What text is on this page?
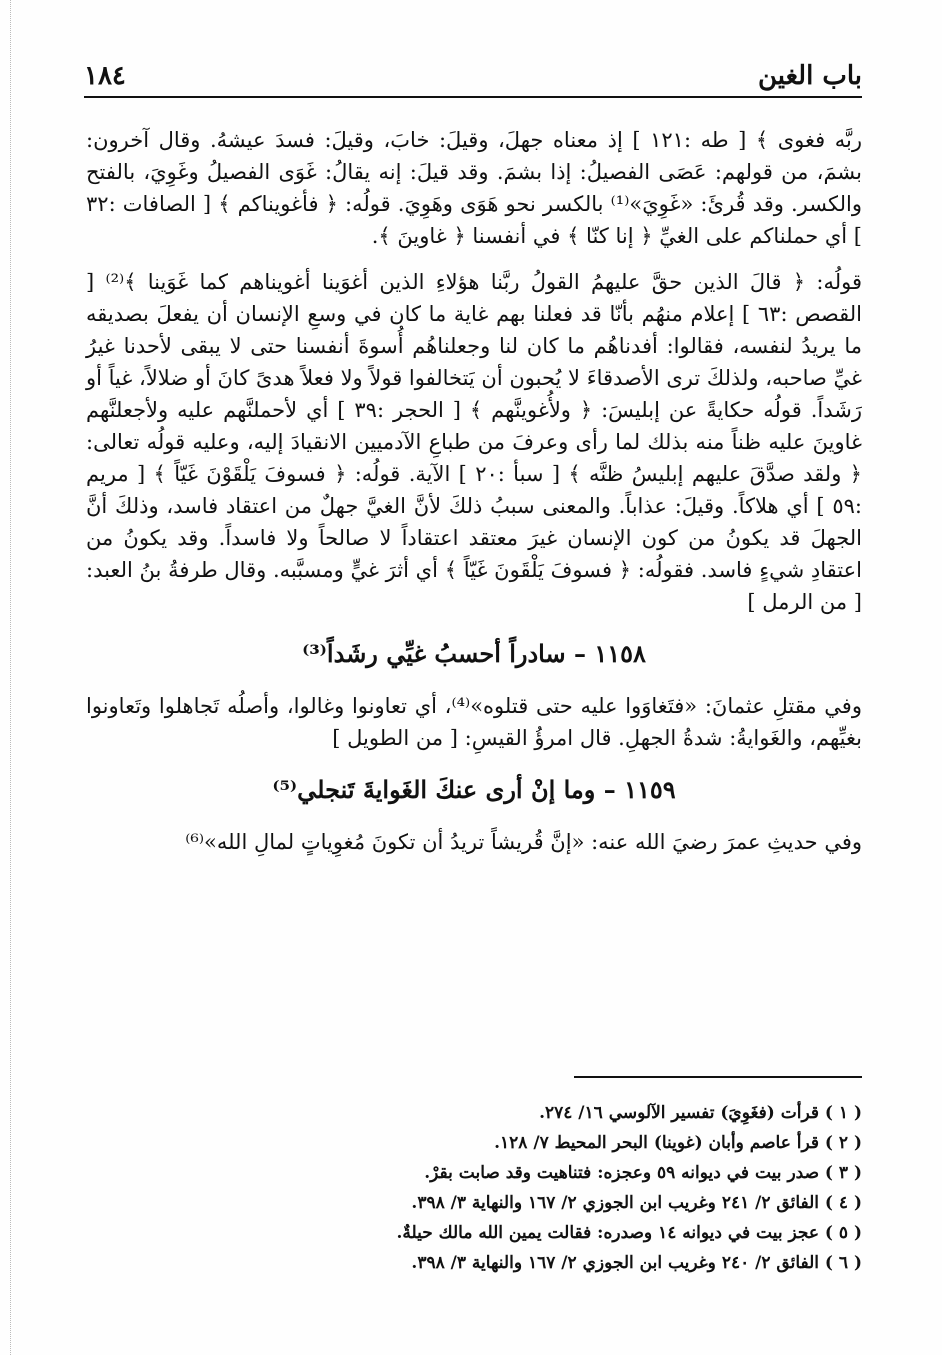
باب الغين
١٨٤

ربَّه فغوى ﴾ [ طه :١٢١ ] إذ معناه جهلَ، وقيلَ: خابَ، وقيلَ: فسدَ عيشهُ. وقال آخرون: بشمَ، من قولهم: عَصَى الفصيلُ: إذا بشمَ. وقد قيلَ: إنه يقالُ: غَوَى الفصيلُ وغَوِيَ، بالفتح والكسر. وقد قُرئَ: «غَوِيَ»⁽¹⁾ بالكسر نحو هَوَى وهَوِيَ. قولُه: ﴿ فأغويناكم ﴾ [ الصافات :٣٢ ] أي حملناكم على الغيِّ ﴿ إنا كنّا ﴾ في أنفسنا ﴿ غاوينَ ﴾.

قولُه: ﴿ قالَ الذين حقَّ عليهمُ القولُ ربَّنا هؤلاءِ الذين أغوَينا أغويناهم كما غَوَينا ﴾⁽²⁾ [ القصص :٦٣ ] إعلام منهُم بأنّا قد فعلنا بهم غاية ما كان في وسعِ الإنسان أن يفعلَ بصديقه ما يريدُ لنفسه، فقالوا: أفدناهُم ما كان لنا وجعلناهُم أُسوةَ أنفسنا حتى لا يبقى لأحدنا غيرُ غيِّ صاحبه، ولذلكَ ترى الأصدقاءَ لا يُحبون أن يَتخالفوا قولاً ولا فعلاً هدىً كانَ أو ضلالاً، غياً أو رَشَداً. قولُه حكايةً عن إبليسَ: ﴿ ولأُغوينَّهم ﴾ [ الحجر :٣٩ ] أي لأحملنَّهم عليه ولأجعلنَّهم غاوينَ عليه ظناً منه بذلك لما رأى وعرفَ من طباعِ الآدميين الانقيادَ إليه، وعليه قولُه تعالى: ﴿ ولقد صدَّقَ عليهم إبليسُ ظنَّه ﴾ [ سبأ :٢٠ ] الآية. قولُه: ﴿ فسوفَ يَلْقَوْنَ غَيّاً ﴾ [ مريم :٥٩ ] أي هلاكاً. وقيلَ: عذاباً. والمعنى سببُ ذلكَ لأنَّ الغيَّ جهلٌ من اعتقاد فاسد، وذلكَ أنَّ الجهلَ قد يكونُ من كون الإنسان غيرَ معتقد اعتقاداً لا صالحاً ولا فاسداً. وقد يكونُ من اعتقادِ شيءٍ فاسد. فقولُه: ﴿ فسوفَ يَلْقَونَ غَيّاً ﴾ أي أثرَ غيٍّ ومسبَّبه. وقال طرفةُ بنُ العبد: [ من الرمل ]

١١٥٨ – سادراً أحسبُ غيِّي رشَداً⁽³⁾

وفي مقتلِ عثمانَ: «فتَغاوَوا عليه حتى قتلوه»⁽⁴⁾، أي تعاونوا وغالوا، وأصلُه تَجاهلوا وتَعاونوا بغيِّهم، والغَوايةُ: شدةُ الجهلِ. قال امرؤُ القيسِ: [ من الطويل ]

١١٥٩ – وما إنْ أرى عنكَ الغَوايةَ تَنجلي⁽⁵⁾

وفي حديثِ عمرَ رضيَ الله عنه: «إنَّ قُريشاً تريدُ أن تكونَ مُغوِياتٍ لمالِ الله»⁽⁶⁾

( ١ ) قرأت (فغَوِيَ) تفسير الآلوسي ١٦/ ٢٧٤.

( ٢ ) قرأ عاصم وأبان (غوينا) البحر المحيط ٧/ ١٢٨.

( ٣ ) صدر بيت في ديوانه ٥٩ وعجزه: فتناهيت وقد صابت بقرْ.

( ٤ ) الفائق ٢/ ٢٤١ وغريب ابن الجوزي ٢/ ١٦٧ والنهاية ٣/ ٣٩٨.

( ٥ ) عجز بيت في ديوانه ١٤ وصدره: فقالت يمين الله مالك حيلةٌ.

( ٦ ) الفائق ٢/ ٢٤٠ وغريب ابن الجوزي ٢/ ١٦٧ والنهاية ٣/ ٣٩٨.
